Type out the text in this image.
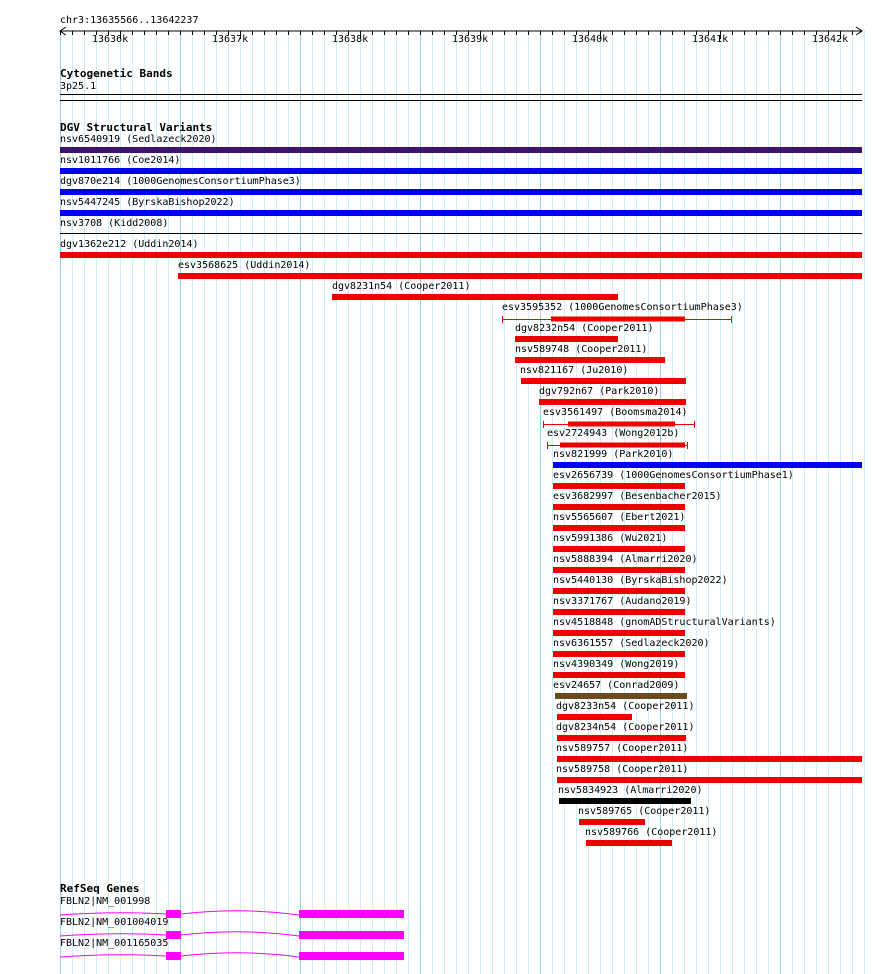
chr3:13635566..13642237
13636k	13637k	13638k	13639k	13640k	13641k	13642k
Cytogenetic Bands
3p25.1
DGV Structural Variants
nsv6540919 (Sedlazeck2020)
nsv1011766 (Coe2014)
dgv870e214 (1000GenomesConsortiumPhase3)
nsv5447245 (ByrskaBishop2022)
nsv3708 (Kidd2008)
dgv1362e212 (Uddin2014)
esv3568625 (Uddin2014)
dgv8231n54 (Cooper2011)
esv3595352 (1000GenomesConsortiumPhase3)
dgv8232n54 (Cooper2011)
nsv589748 (Cooper2011)
nsv821167 (Ju2010)
dgv792n67 (Park2010)
esv3561497 (Boomsma2014)
esv2724943 (Wong2012b)
nsv821999 (Park2010)
esv2656739 (1000GenomesConsortiumPhase1)
esv3682997 (Besenbacher2015)
nsv5565607 (Ebert2021)
nsv5991386 (Wu2021)
nsv5888394 (Almarri2020)
nsv5440130 (ByrskaBishop2022)
nsv3371767 (Audano2019)
nsv4518848 (gnomADStructuralVariants)
nsv6361557 (Sedlazeck2020)
nsv4390349 (Wong2019)
esv24657 (Conrad2009)
dgv8233n54 (Cooper2011)
dgv8234n54 (Cooper2011)
nsv589757 (Cooper2011)
nsv589758 (Cooper2011)
nsv5834923 (Almarri2020)
nsv589765 (Cooper2011)
nsv589766 (Cooper2011)
RefSeq Genes
FBLN2|NM_001998
FBLN2|NM_001004019
FBLN2|NM_001165035
